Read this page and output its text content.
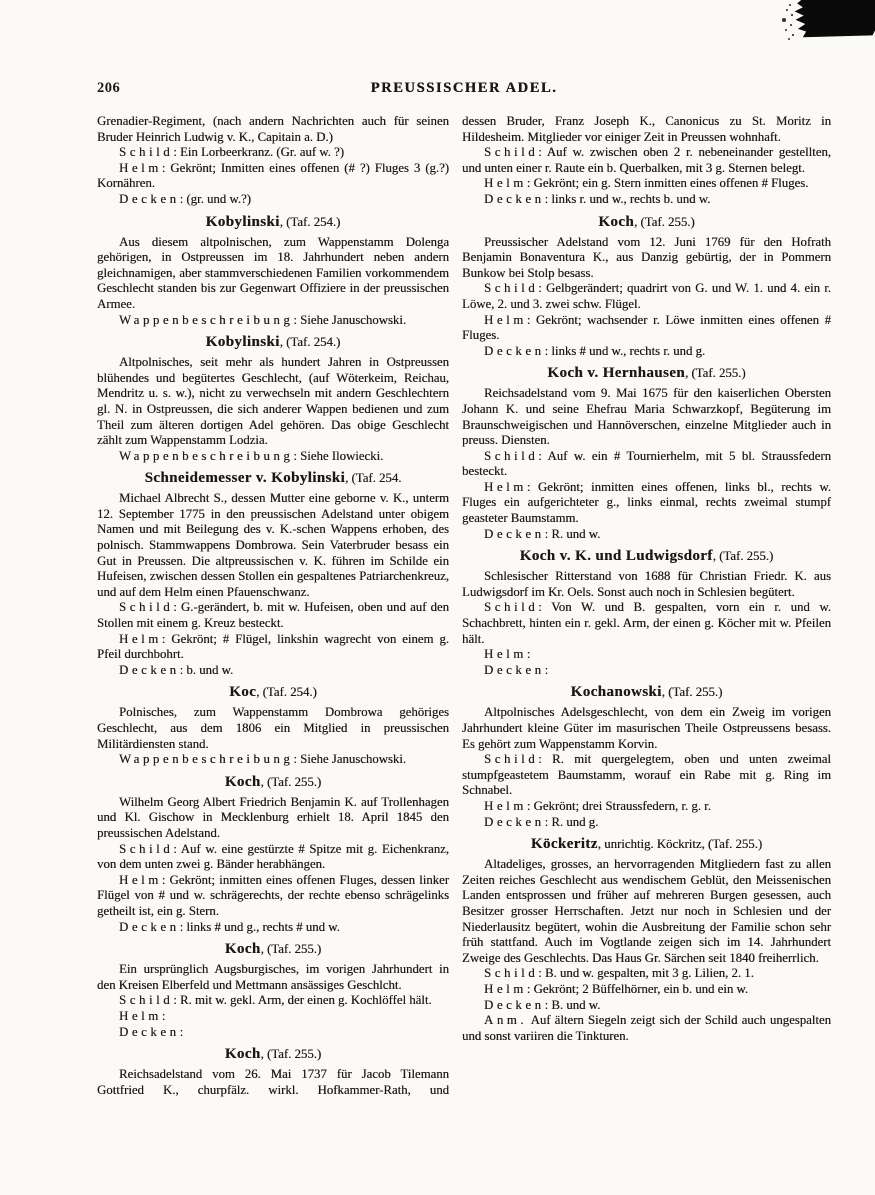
206	PREUSSISCHER ADEL.

Grenadier-Regiment, (nach andern Nachrichten auch für seinen Bruder Heinrich Ludwig v. K., Capitain a. D.)

Schild: Ein Lorbeerkranz. (Gr. auf w. ?)

Helm: Gekrönt; Inmitten eines offenen (# ?) Fluges 3 (g.?) Kornähren.

Decken: (gr. und w.?)

Kobylinski, (Taf. 254.)

Aus diesem altpolnischen, zum Wappenstamm Dolenga gehörigen, in Ostpreussen im 18. Jahrhundert neben andern gleichnamigen, aber stammverschiedenen Familien vorkommendem Geschlecht standen bis zur Gegenwart Offiziere in der preussischen Armee.

Wappenbeschreibung: Siehe Januschowski.

Kobylinski, (Taf. 254.)

Altpolnisches, seit mehr als hundert Jahren in Ostpreussen blühendes und begütertes Geschlecht, (auf Wöterkeim, Reichau, Mendritz u. s. w.), nicht zu verwechseln mit andern Geschlechtern gl. N. in Ostpreussen, die sich anderer Wappen bedienen und zum Theil zum älteren dortigen Adel gehören. Das obige Geschlecht zählt zum Wappenstamm Lodzia.

Wappenbeschreibung: Siehe Ilowiecki.

Schneidemesser v. Kobylinski, (Taf. 254.

Michael Albrecht S., dessen Mutter eine geborne v. K., unterm 12. September 1775 in den preussischen Adelstand unter obigem Namen und mit Beilegung des v. K.-schen Wappens erhoben, des polnisch. Stammwappens Dombrowa. Sein Vaterbruder besass ein Gut in Preussen. Die altpreussischen v. K. führen im Schilde ein Hufeisen, zwischen dessen Stollen ein gespaltenes Patriarchenkreuz, und auf dem Helm einen Pfauenschwanz.

Schild: G.-gerändert, b. mit w. Hufeisen, oben und auf den Stollen mit einem g. Kreuz besteckt.

Helm: Gekrönt; # Flügel, linkshin wagrecht von einem g. Pfeil durchbohrt.

Decken: b. und w.

Koc, (Taf. 254.)

Polnisches, zum Wappenstamm Dombrowa gehöriges Geschlecht, aus dem 1806 ein Mitglied in preussischen Militärdiensten stand.

Wappenbeschreibung: Siehe Januschowski.

Koch, (Taf. 255.)

Wilhelm Georg Albert Friedrich Benjamin K. auf Trollenhagen und Kl. Gischow in Mecklenburg erhielt 18. April 1845 den preussischen Adelstand.

Schild: Auf w. eine gestürzte # Spitze mit g. Eichenkranz, von dem unten zwei g. Bänder herabhängen.

Helm: Gekrönt; inmitten eines offenen Fluges, dessen linker Flügel von # und w. schrägerechts, der rechte ebenso schrägelinks getheilt ist, ein g. Stern.

Decken: links # und g., rechts # und w.

Koch, (Taf. 255.)

Ein ursprünglich Augsburgisches, im vorigen Jahrhundert in den Kreisen Elberfeld und Mettmann ansässiges Geschlcht.

Schild: R. mit w. gekl. Arm, der einen g. Kochlöffel hält.

Helm:

Decken:

Koch, (Taf. 255.)

Reichsadelstand vom 26. Mai 1737 für Jacob Tilemann Gottfried K., churpfälz. wirkl. Hofkammer-Rath, und

dessen Bruder, Franz Joseph K., Canonicus zu St. Moritz in Hildesheim. Mitglieder vor einiger Zeit in Preussen wohnhaft.

Schild: Auf w. zwischen oben 2 r. nebeneinander gestellten, und unten einer r. Raute ein b. Querbalken, mit 3 g. Sternen belegt.

Helm: Gekrönt; ein g. Stern inmitten eines offenen # Fluges.

Decken: links r. und w., rechts b. und w.

Koch, (Taf. 255.)

Preussischer Adelstand vom 12. Juni 1769 für den Hofrath Benjamin Bonaventura K., aus Danzig gebürtig, der in Pommern Bunkow bei Stolp besass.

Schild: Gelbgerändert; quadrirt von G. und W. 1. und 4. ein r. Löwe, 2. und 3. zwei schw. Flügel.

Helm: Gekrönt; wachsender r. Löwe inmitten eines offenen # Fluges.

Decken: links # und w., rechts r. und g.

Koch v. Hernhausen, (Taf. 255.)

Reichsadelstand vom 9. Mai 1675 für den kaiserlichen Obersten Johann K. und seine Ehefrau Maria Schwarzkopf, Begüterung im Braunschweigischen und Hannöverschen, einzelne Mitglieder auch in preuss. Diensten.

Schild: Auf w. ein # Tournierhelm, mit 5 bl. Straussfedern besteckt.

Helm: Gekrönt; inmitten eines offenen, links bl., rechts w. Fluges ein aufgerichteter g., links einmal, rechts zweimal stumpf geasteter Baumstamm.

Decken: R. und w.

Koch v. K. und Ludwigsdorf, (Taf. 255.)

Schlesischer Ritterstand von 1688 für Christian Friedr. K. aus Ludwigsdorf im Kr. Oels. Sonst auch noch in Schlesien begütert.

Schild: Von W. und B. gespalten, vorn ein r. und w. Schachbrett, hinten ein r. gekl. Arm, der einen g. Köcher mit w. Pfeilen hält.

Helm:

Decken:

Kochanowski, (Taf. 255.)

Altpolnisches Adelsgeschlecht, von dem ein Zweig im vorigen Jahrhundert kleine Güter im masurischen Theile Ostpreussens besass. Es gehört zum Wappenstamm Korvin.

Schild: R. mit quergelegtem, oben und unten zweimal stumpfgeastetem Baumstamm, worauf ein Rabe mit g. Ring im Schnabel.

Helm: Gekrönt; drei Straussfedern, r. g. r.

Decken: R. und g.

Köckeritz, unrichtig. Köckritz, (Taf. 255.)

Altadeliges, grosses, an hervorragenden Mitgliedern fast zu allen Zeiten reiches Geschlecht aus wendischem Geblüt, den Meissenischen Landen entsprossen und früher auf mehreren Burgen gesessen, auch Besitzer grosser Herrschaften. Jetzt nur noch in Schlesien und der Niederlausitz begütert, wohin die Ausbreitung der Familie schon sehr früh stattfand. Auch im Vogtlande zeigen sich im 14. Jahrhundert Zweige des Geschlechts. Das Haus Gr. Särchen seit 1840 freiherrlich.

Schild: B. und w. gespalten, mit 3 g. Lilien, 2. 1.

Helm: Gekrönt; 2 Büffelhörner, ein b. und ein w.

Decken: B. und w.

Anm. Auf ältern Siegeln zeigt sich der Schild auch ungespalten und sonst variiren die Tinkturen.
